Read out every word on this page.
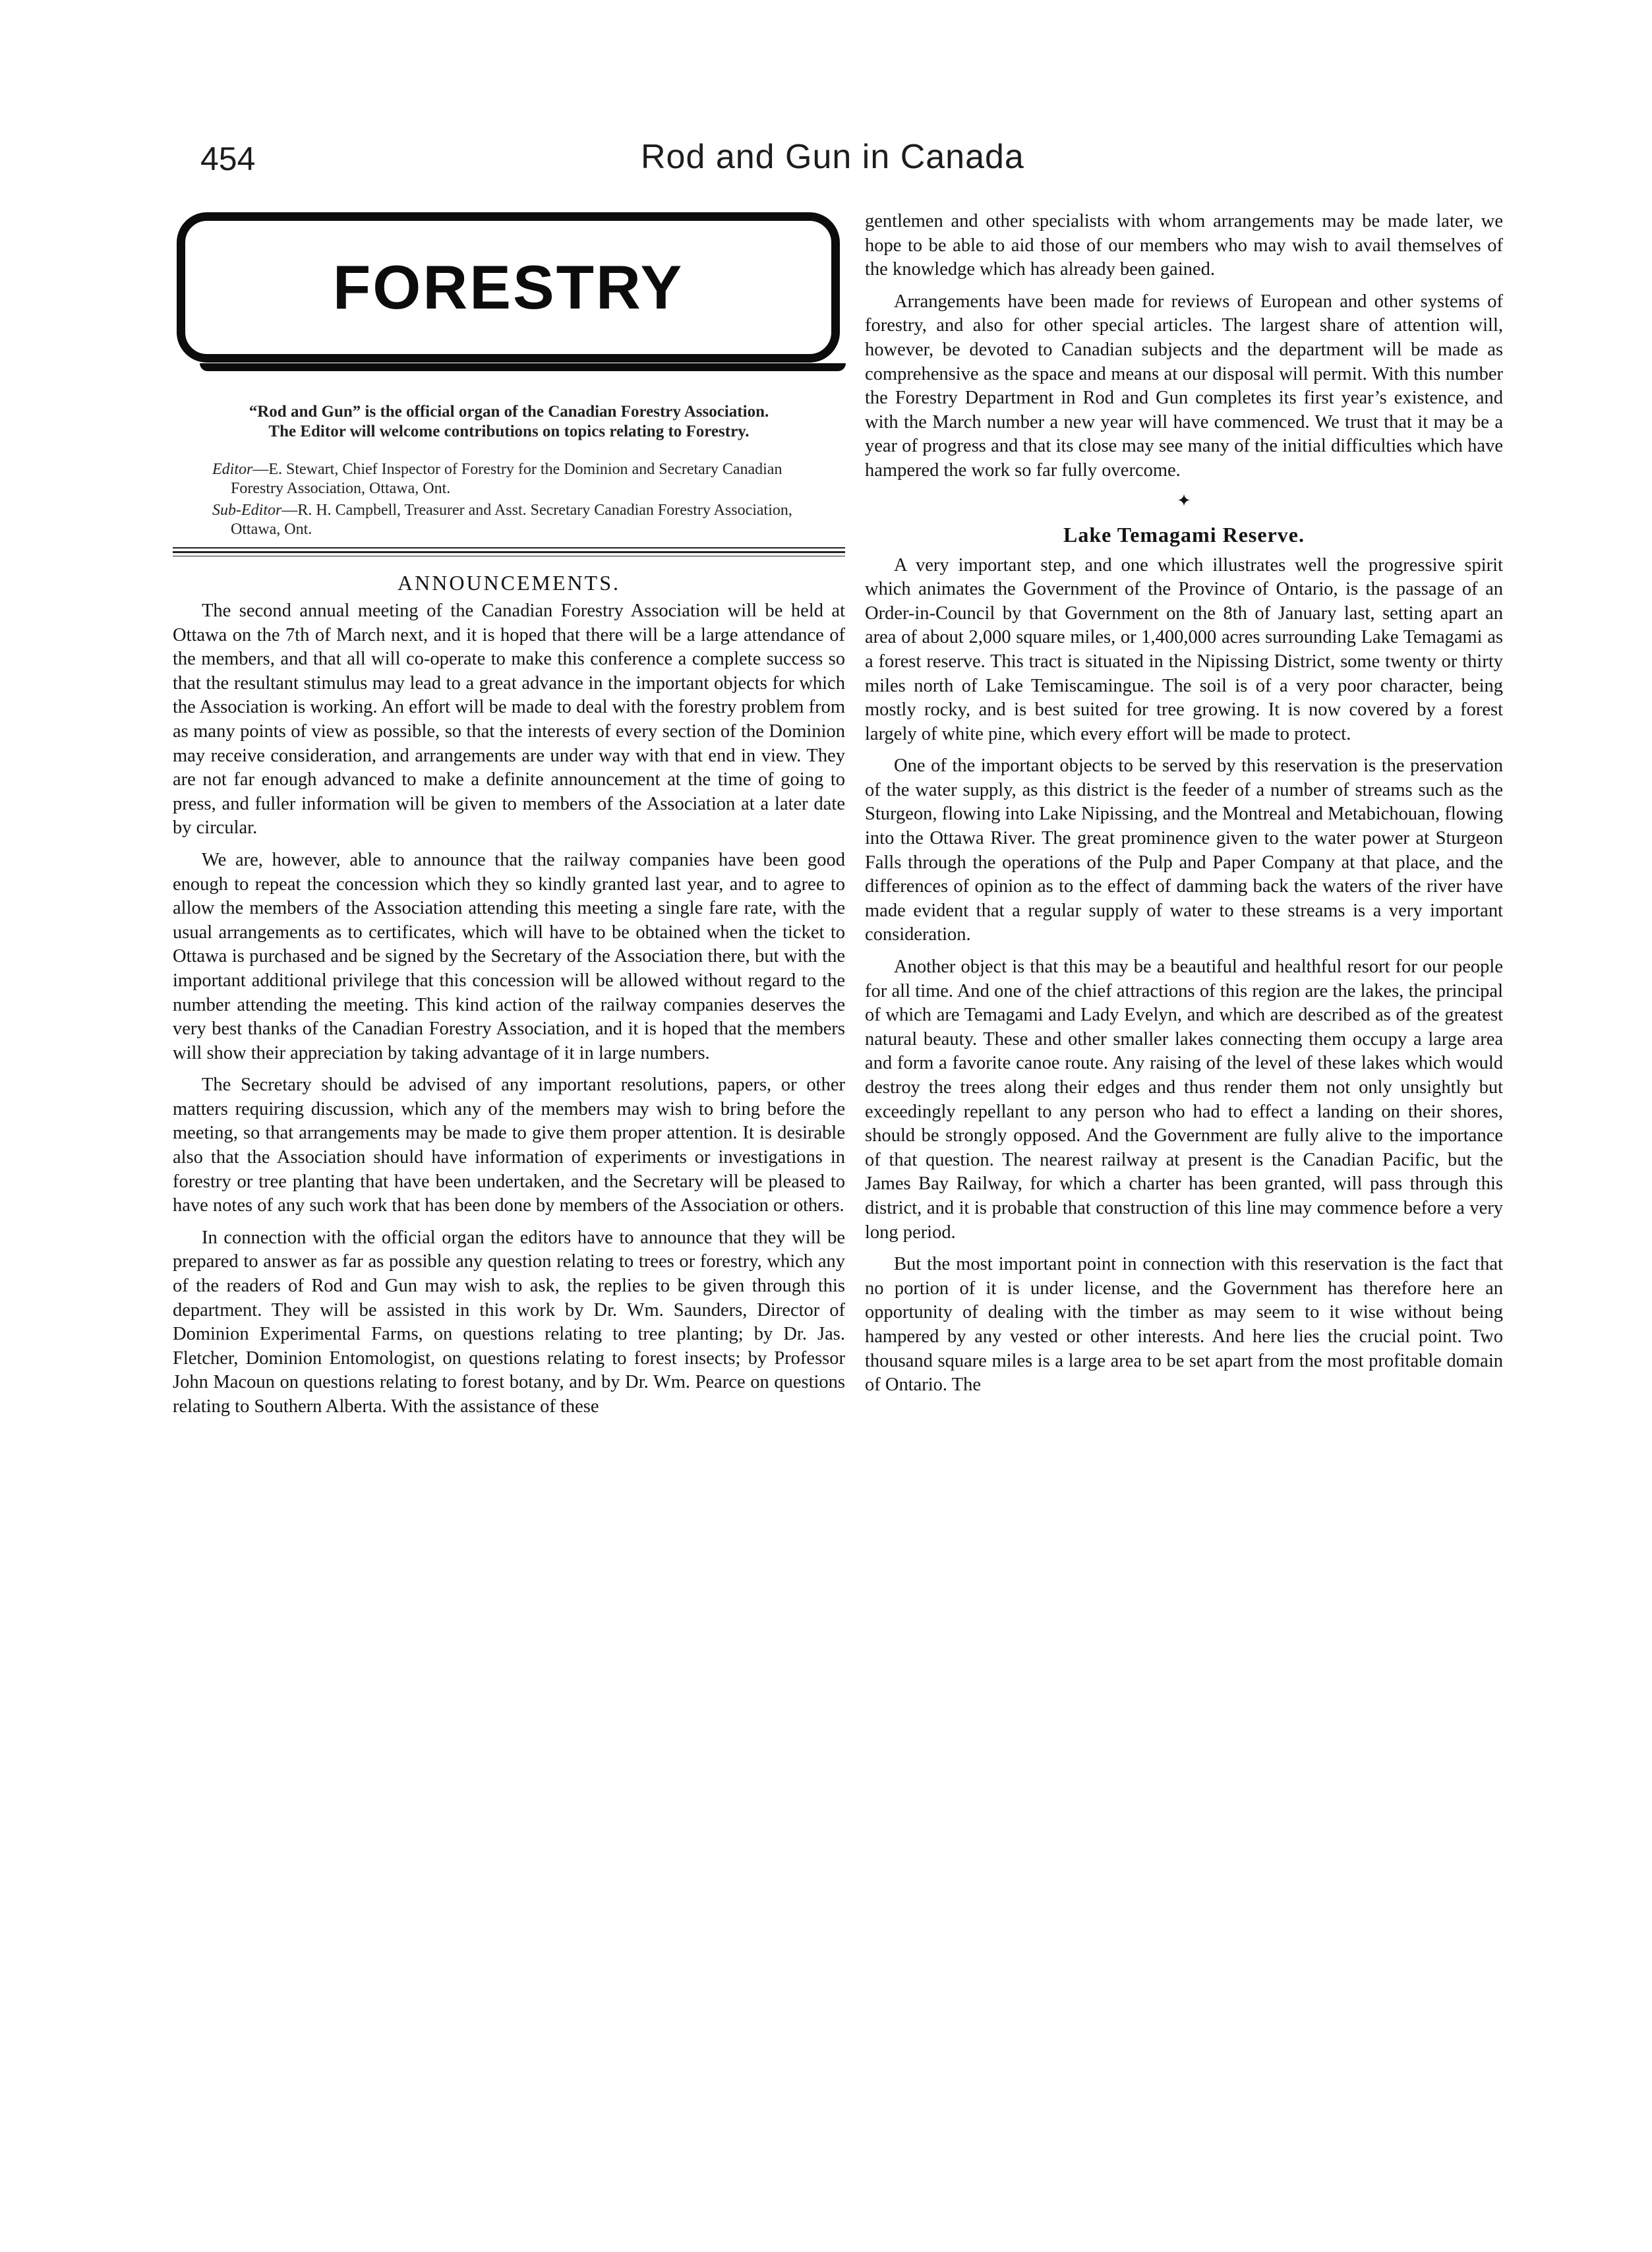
454	Rod and Gun in Canada
FORESTRY

“Rod and Gun” is the official organ of the Canadian Forestry Association.

The Editor will welcome contributions on topics relating to Forestry.

Editor—E. Stewart, Chief Inspector of Forestry for the Dominion and Secretary Canadian Forestry Association, Ottawa, Ont.

Sub-Editor—R. H. Campbell, Treasurer and Asst. Secretary Canadian Forestry Association, Ottawa, Ont.

ANNOUNCEMENTS.

The second annual meeting of the Canadian Forestry Association will be held at Ottawa on the 7th of March next, and it is hoped that there will be a large attendance of the members, and that all will co-operate to make this conference a complete success so that the resultant stimulus may lead to a great advance in the important objects for which the Association is working. An effort will be made to deal with the forestry problem from as many points of view as possible, so that the interests of every section of the Dominion may receive consideration, and arrangements are under way with that end in view. They are not far enough advanced to make a definite announcement at the time of going to press, and fuller information will be given to members of the Association at a later date by circular.

We are, however, able to announce that the railway companies have been good enough to repeat the concession which they so kindly granted last year, and to agree to allow the members of the Association attending this meeting a single fare rate, with the usual arrangements as to certificates, which will have to be obtained when the ticket to Ottawa is purchased and be signed by the Secretary of the Association there, but with the important additional privilege that this concession will be allowed without regard to the number attending the meeting. This kind action of the railway companies deserves the very best thanks of the Canadian Forestry Association, and it is hoped that the members will show their appreciation by taking advantage of it in large numbers.

The Secretary should be advised of any important resolutions, papers, or other matters requiring discussion, which any of the members may wish to bring before the meeting, so that arrangements may be made to give them proper attention. It is desirable also that the Association should have information of experiments or investigations in forestry or tree planting that have been undertaken, and the Secretary will be pleased to have notes of any such work that has been done by members of the Association or others.

In connection with the official organ the editors have to announce that they will be prepared to answer as far as possible any question relating to trees or forestry, which any of the readers of Rod and Gun may wish to ask, the replies to be given through this department. They will be assisted in this work by Dr. Wm. Saunders, Director of Dominion Experimental Farms, on questions relating to tree planting; by Dr. Jas. Fletcher, Dominion Entomologist, on questions relating to forest insects; by Professor John Macoun on questions relating to forest botany, and by Dr. Wm. Pearce on questions relating to Southern Alberta. With the assistance of these

gentlemen and other specialists with whom arrangements may be made later, we hope to be able to aid those of our members who may wish to avail themselves of the knowledge which has already been gained.

Arrangements have been made for reviews of European and other systems of forestry, and also for other special articles. The largest share of attention will, however, be devoted to Canadian subjects and the department will be made as comprehensive as the space and means at our disposal will permit. With this number the Forestry Department in Rod and Gun completes its first year’s existence, and with the March number a new year will have commenced. We trust that it may be a year of progress and that its close may see many of the initial difficulties which have hampered the work so far fully overcome.

✦
Lake Temagami Reserve.

A very important step, and one which illustrates well the progressive spirit which animates the Government of the Province of Ontario, is the passage of an Order-in-Council by that Government on the 8th of January last, setting apart an area of about 2,000 square miles, or 1,400,000 acres surrounding Lake Temagami as a forest reserve. This tract is situated in the Nipissing District, some twenty or thirty miles north of Lake Temiscamingue. The soil is of a very poor character, being mostly rocky, and is best suited for tree growing. It is now covered by a forest largely of white pine, which every effort will be made to protect.

One of the important objects to be served by this reservation is the preservation of the water supply, as this district is the feeder of a number of streams such as the Sturgeon, flowing into Lake Nipissing, and the Montreal and Metabichouan, flowing into the Ottawa River. The great prominence given to the water power at Sturgeon Falls through the operations of the Pulp and Paper Company at that place, and the differences of opinion as to the effect of damming back the waters of the river have made evident that a regular supply of water to these streams is a very important consideration.

Another object is that this may be a beautiful and healthful resort for our people for all time. And one of the chief attractions of this region are the lakes, the principal of which are Temagami and Lady Evelyn, and which are described as of the greatest natural beauty. These and other smaller lakes connecting them occupy a large area and form a favorite canoe route. Any raising of the level of these lakes which would destroy the trees along their edges and thus render them not only unsightly but exceedingly repellant to any person who had to effect a landing on their shores, should be strongly opposed. And the Government are fully alive to the importance of that question. The nearest railway at present is the Canadian Pacific, but the James Bay Railway, for which a charter has been granted, will pass through this district, and it is probable that construction of this line may commence before a very long period.

But the most important point in connection with this reservation is the fact that no portion of it is under license, and the Government has therefore here an opportunity of dealing with the timber as may seem to it wise without being hampered by any vested or other interests. And here lies the crucial point. Two thousand square miles is a large area to be set apart from the most profitable domain of Ontario. The
